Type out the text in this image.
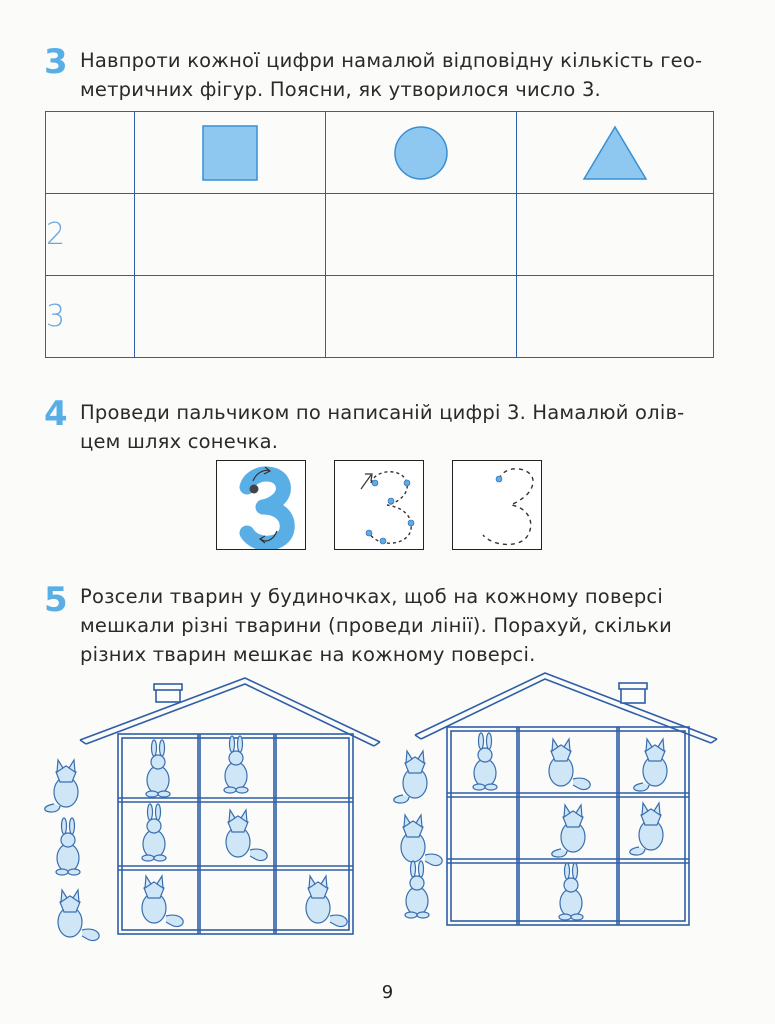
3 Навпроти кожної цифри намалюй відповідну кількість гео-
метричних фігур. Поясни, як утворилося число 3.

2			
3			
4 Проведи пальчиком по написаній цифрі 3. Намалюй олів-
цем шлях сонечка.
5 Розсели тварин у будиночках, щоб на кожному поверсі
мешкали різні тварини (проведи лінії). Порахуй, скільки
різних тварин мешкає на кожному поверсі.
9
